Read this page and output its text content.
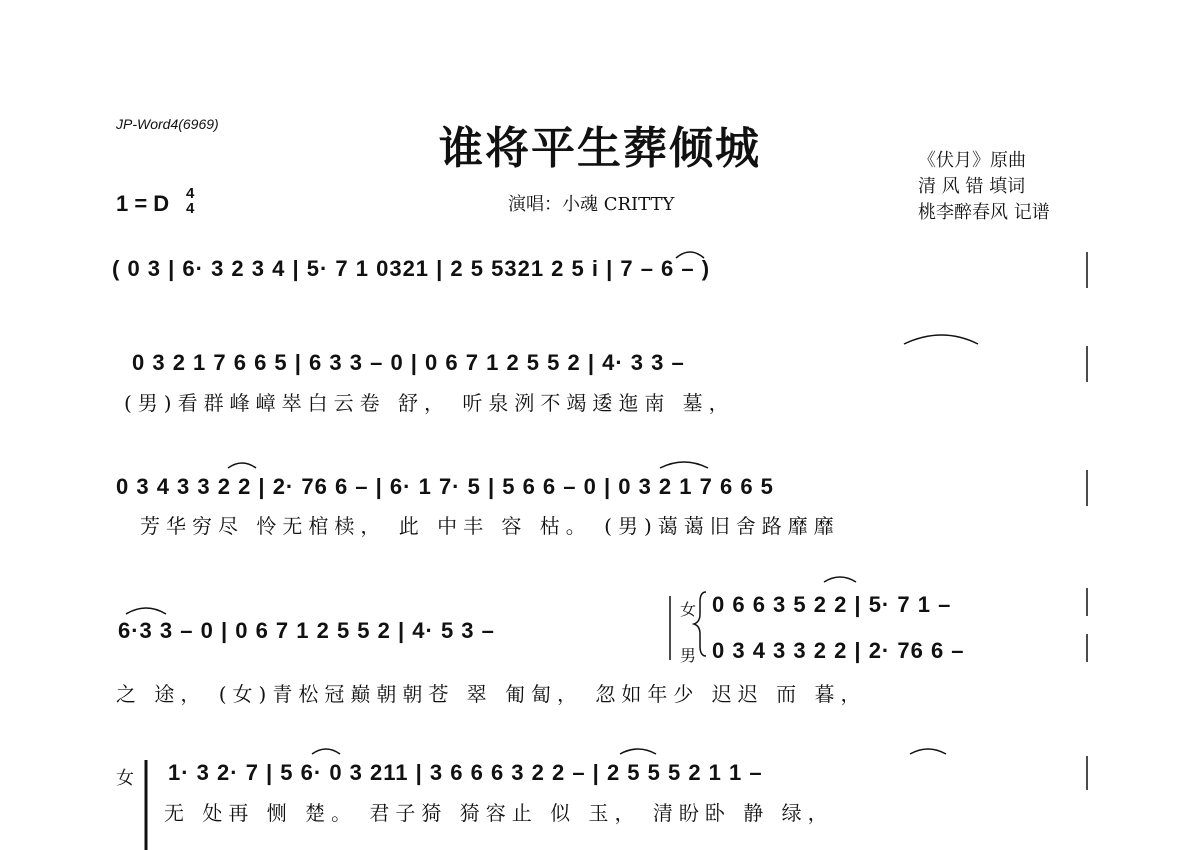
JP-Word4(6969)	谁将平生葬倾城
1 = D 4
4	演唱：小魂 CRITTY
《伏月》原曲
清 风 错 填词
桃李醉春风 记谱
( 0 3 | 6· 3 2 3 4 | 5· 7 1 0321 | 2 5 5321 2 5 i | 7 – 6 – )
0 3 2 1 7 6 6 5 | 6 3 3 – 0 | 0 6 7 1 2 5 5 2 | 4· 3 3 –
(男)看群峰嶂崒白云卷 舒， 听泉洌不竭逶迤南 墓，
0 3 4 3 3 2 2 | 2· 76 6 – | 6· 1 7· 5 | 5 6 6 – 0 | 0 3 2 1 7 6 6 5
芳华穷尽 怜无棺椟， 此 中丰 容 枯。 (男)蔼蔼旧舍路靡靡
6·3 3 – 0 | 0 6 7 1 2 5 5 2 | 4· 5 3 –
女
男
0 6 6 3 5 2 2 | 5· 7 1 –
0 3 4 3 3 2 2 | 2· 76 6 –
之 途， (女)青松冠巅朝朝苍 翠 匍匐， 忽如年少 迟迟 而 暮，
女 1· 3 2· 7 | 5 6· 0 3 211 | 3 6 6 6 3 2 2 – | 2 5 5 5 2 1 1 –
无 处再 恻 楚。 君子猗 猗容止 似 玉， 清盼卧 静 绿，
